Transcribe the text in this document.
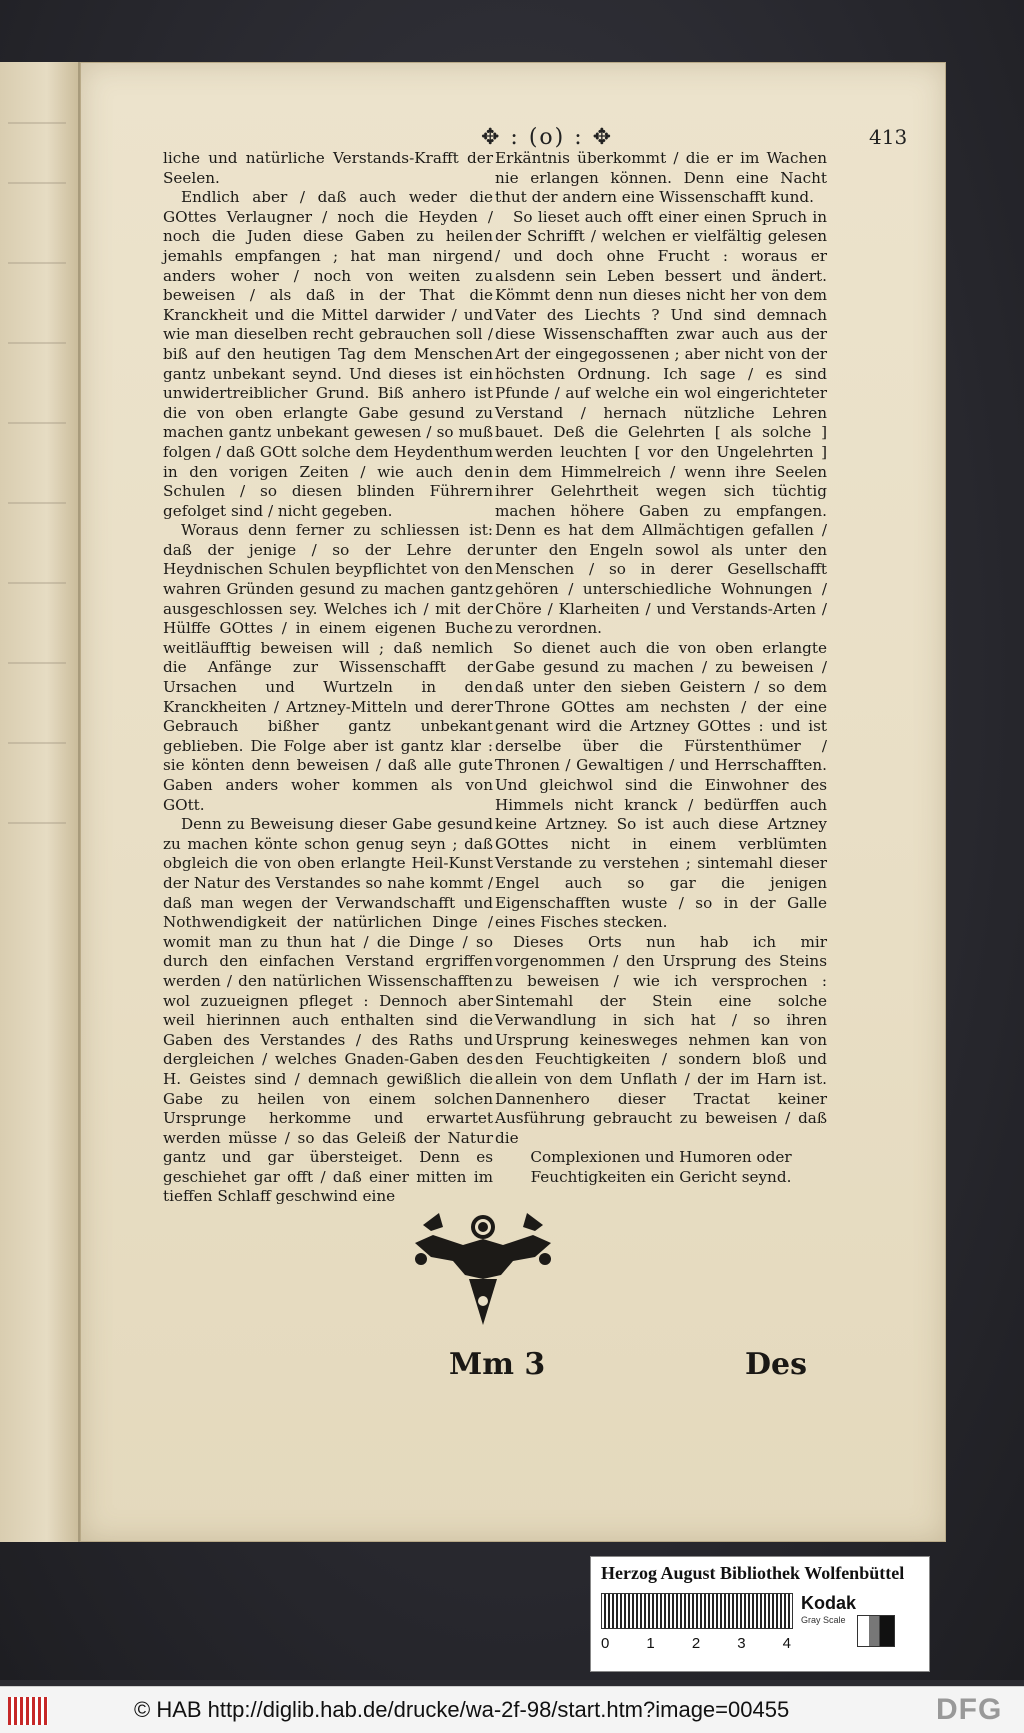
✥ : (o) : ✥	413

liche und natürliche Verstands-Krafft der Seelen.

Endlich aber / daß auch weder die GOttes Verlaugner / noch die Heyden / noch die Juden diese Gaben zu heilen jemahls empfangen ; hat man nirgend anders woher / noch von weiten zu beweisen / als daß in der That die Kranckheit und die Mittel darwider / und wie man dieselben recht gebrauchen soll / biß auf den heutigen Tag dem Menschen gantz unbekant seynd. Und dieses ist ein unwidertreiblicher Grund. Biß anhero ist die von oben erlangte Gabe gesund zu machen gantz unbekant gewesen / so muß folgen / daß GOtt solche dem Heydenthum in den vorigen Zeiten / wie auch den Schulen / so diesen blinden Führern gefolget sind / nicht gegeben.

Woraus denn ferner zu schliessen ist: daß der jenige / so der Lehre der Heydnischen Schulen beypflichtet von den wahren Gründen gesund zu machen gantz ausgeschlossen sey. Welches ich / mit der Hülffe GOttes / in einem eigenen Buche weitläufftig beweisen will ; daß nemlich die Anfänge zur Wissenschafft der Ursachen und Wurtzeln in den Kranckheiten / Artzney-Mitteln und derer Gebrauch bißher gantz unbekant geblieben. Die Folge aber ist gantz klar : sie könten denn beweisen / daß alle gute Gaben anders woher kommen als von GOtt.

Denn zu Beweisung dieser Gabe gesund zu machen könte schon genug seyn ; daß obgleich die von oben erlangte Heil-Kunst der Natur des Verstandes so nahe kommt / daß man wegen der Verwandschafft und Nothwendigkeit der natürlichen Dinge / womit man zu thun hat / die Dinge / so durch den einfachen Verstand ergriffen werden / den natürlichen Wissenschafften wol zuzueignen pfleget : Dennoch aber weil hierinnen auch enthalten sind die Gaben des Verstandes / des Raths und dergleichen / welches Gnaden-Gaben des H. Geistes sind / demnach gewißlich die Gabe zu heilen von einem solchen Ursprunge herkomme und erwartet werden müsse / so das Geleiß der Natur gantz und gar übersteiget. Denn es geschiehet gar offt / daß einer mitten im tieffen Schlaff geschwind eine

Erkäntnis überkommt / die er im Wachen nie erlangen können. Denn eine Nacht thut der andern eine Wissenschafft kund.

So lieset auch offt einer einen Spruch in der Schrifft / welchen er vielfältig gelesen / und doch ohne Frucht : woraus er alsdenn sein Leben bessert und ändert. Kömmt denn nun dieses nicht her von dem Vater des Liechts ? Und sind demnach diese Wissenschafften zwar auch aus der Art der eingegossenen ; aber nicht von der höchsten Ordnung. Ich sage / es sind Pfunde / auf welche ein wol eingerichteter Verstand / hernach nützliche Lehren bauet. Deß die Gelehrten [ als solche ] werden leuchten [ vor den Ungelehrten ] in dem Himmelreich / wenn ihre Seelen ihrer Gelehrtheit wegen sich tüchtig machen höhere Gaben zu empfangen. Denn es hat dem Allmächtigen gefallen / unter den Engeln sowol als unter den Menschen / so in derer Gesellschafft gehören / unterschiedliche Wohnungen / Chöre / Klarheiten / und Verstands-Arten / zu verordnen.

So dienet auch die von oben erlangte Gabe gesund zu machen / zu beweisen / daß unter den sieben Geistern / so dem Throne GOttes am nechsten / der eine genant wird die Artzney GOttes : und ist derselbe über die Fürstenthümer / Thronen / Gewaltigen / und Herrschafften. Und gleichwol sind die Einwohner des Himmels nicht kranck / bedürffen auch keine Artzney. So ist auch diese Artzney GOttes nicht in einem verblümten Verstande zu verstehen ; sintemahl dieser Engel auch so gar die jenigen Eigenschafften wuste / so in der Galle eines Fisches stecken.

Dieses Orts nun hab ich mir vorgenommen / den Ursprung des Steins zu beweisen / wie ich versprochen : Sintemahl der Stein eine solche Verwandlung in sich hat / so ihren Ursprung keinesweges nehmen kan von den Feuchtigkeiten / sondern bloß und allein von dem Unflath / der im Harn ist. Dannenhero dieser Tractat keiner Ausführung gebraucht zu beweisen / daß die

Complexionen und Humoren oder Feuchtigkeiten ein Gericht seynd.

Mm 3	Des
Herzog August Bibliothek Wolfenbüttel
0 1 2 3 4
Kodak
Gray Scale
© HAB http://diglib.hab.de/drucke/wa-2f-98/start.htm?image=00455	DFG
